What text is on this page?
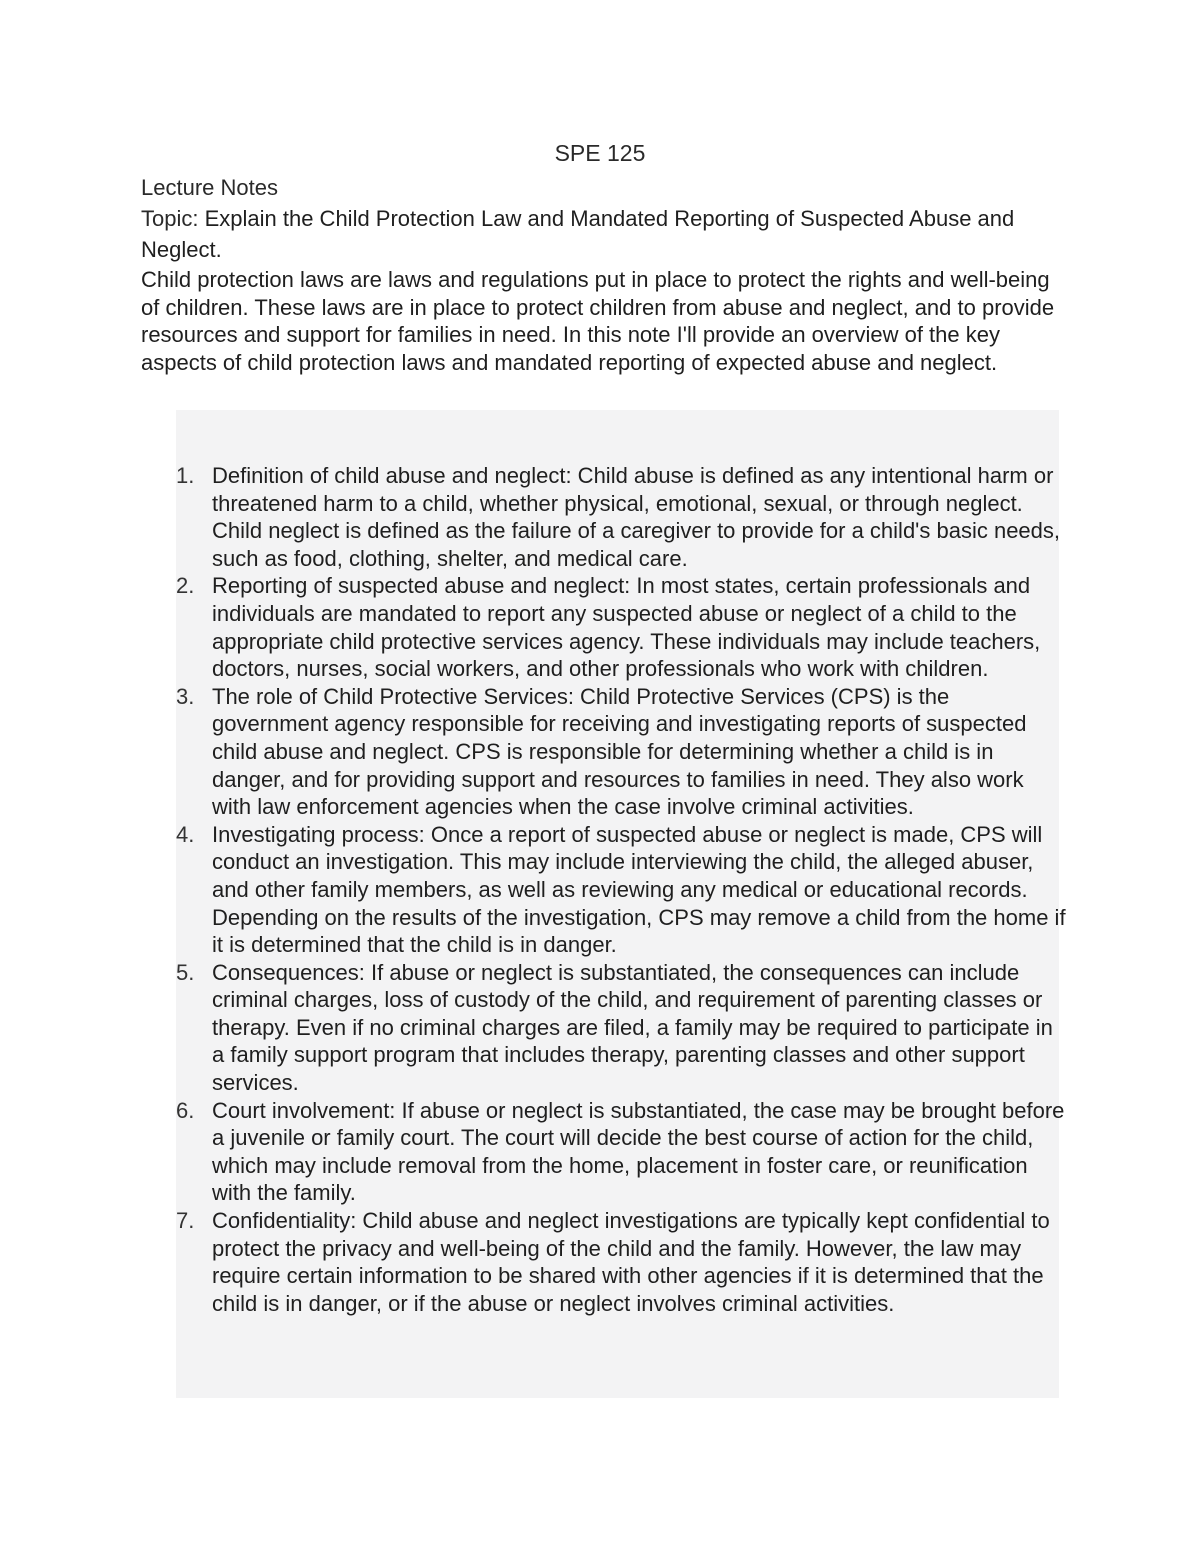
SPE 125
Lecture Notes
Topic: Explain the Child Protection Law and Mandated Reporting of Suspected Abuse and Neglect.
Child protection laws are laws and regulations put in place to protect the rights and well-being of children. These laws are in place to protect children from abuse and neglect, and to provide resources and support for families in need. In this note I'll provide an overview of the key aspects of child protection laws and mandated reporting of expected abuse and neglect.
1. Definition of child abuse and neglect: Child abuse is defined as any intentional harm or threatened harm to a child, whether physical, emotional, sexual, or through neglect. Child neglect is defined as the failure of a caregiver to provide for a child's basic needs, such as food, clothing, shelter, and medical care.
2. Reporting of suspected abuse and neglect: In most states, certain professionals and individuals are mandated to report any suspected abuse or neglect of a child to the appropriate child protective services agency. These individuals may include teachers, doctors, nurses, social workers, and other professionals who work with children.
3. The role of Child Protective Services: Child Protective Services (CPS) is the government agency responsible for receiving and investigating reports of suspected child abuse and neglect. CPS is responsible for determining whether a child is in danger, and for providing support and resources to families in need. They also work with law enforcement agencies when the case involve criminal activities.
4. Investigating process: Once a report of suspected abuse or neglect is made, CPS will conduct an investigation. This may include interviewing the child, the alleged abuser, and other family members, as well as reviewing any medical or educational records. Depending on the results of the investigation, CPS may remove a child from the home if it is determined that the child is in danger.
5. Consequences: If abuse or neglect is substantiated, the consequences can include criminal charges, loss of custody of the child, and requirement of parenting classes or therapy. Even if no criminal charges are filed, a family may be required to participate in a family support program that includes therapy, parenting classes and other support services.
6. Court involvement: If abuse or neglect is substantiated, the case may be brought before a juvenile or family court. The court will decide the best course of action for the child, which may include removal from the home, placement in foster care, or reunification with the family.
7. Confidentiality: Child abuse and neglect investigations are typically kept confidential to protect the privacy and well-being of the child and the family. However, the law may require certain information to be shared with other agencies if it is determined that the child is in danger, or if the abuse or neglect involves criminal activities.
